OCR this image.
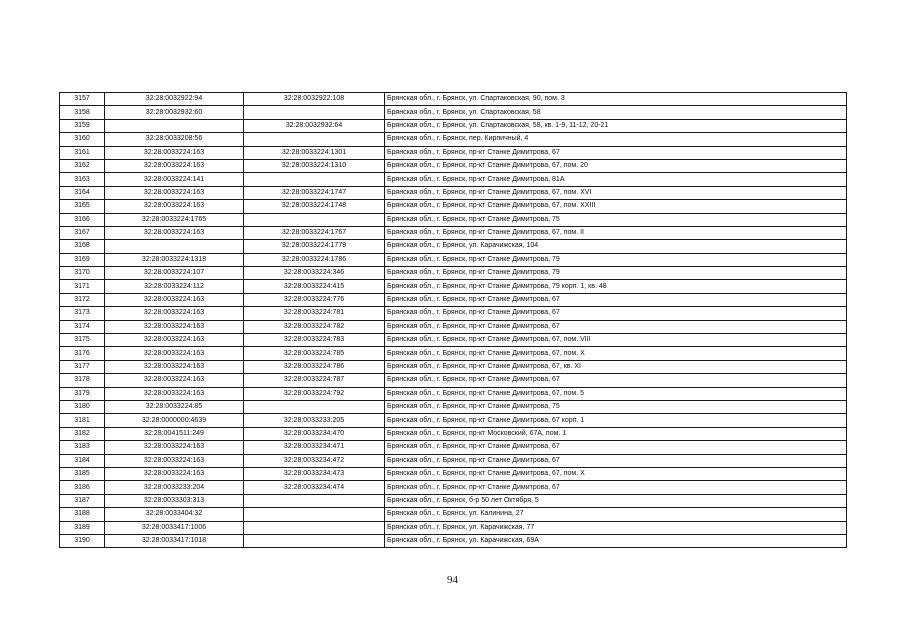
3157	32:28:0032922:94	32:28:0032922:108	Брянская обл., г. Брянск, ул. Спартаковская, 90, пом. 3
3158	32:28:0032932:60		Брянская обл., г. Брянск, ул. Спартаковская, 58
3159		32:28:0032932:64	Брянская обл., г. Брянск, ул. Спартаковская, 58, кв. 1-9, 11-12, 20-21
3160	32:28:0033208:56		Брянская обл., г. Брянск, пер. Кирпичный, 4
3161	32:28:0033224:163	32:28:0033224:1301	Брянская обл., г. Брянск, пр-кт Станке Димитрова, 67
3162	32:28:0033224:163	32:28:0033224:1310	Брянская обл., г. Брянск, пр-кт Станке Димитрова, 67, пом. 20
3163	32:28:0033224:141		Брянская обл., г. Брянск, пр-кт Станке Димитрова, 81А
3164	32:28:0033224:163	32:28:0033224:1747	Брянская обл., г. Брянск, пр-кт Станке Димитрова, 67, пом. XVI
3165	32:28:0033224:163	32:28:0033224:1748	Брянская обл., г. Брянск, пр-кт Станке Димитрова, 67, пом. XXIII
3166	32:28:0033224:1765		Брянская обл., г. Брянск, пр-кт Станке Димитрова, 75
3167	32:28:0033224:163	32:28:0033224:1767	Брянская обл., г. Брянск, пр-кт Станке Димитрова, 67, пом. II
3168		32:28:0033224:1779	Брянская обл., г. Брянск, ул. Карачижская, 104
3169	32:28:0033224:1318	32:28:0033224:1786	Брянская обл., г. Брянск, пр-кт Станке Димитрова, 79
3170	32:28:0033224:107	32:28:0033224:346	Брянская обл., г. Брянск, пр-кт Станке Димитрова, 79
3171	32:28:0033224:112	32:28:0033224:415	Брянская обл., г. Брянск, пр-кт Станке Димитрова, 79 корп. 1, кв. 48
3172	32:28:0033224:163	32:28:0033224:776	Брянская обл., г. Брянск, пр-кт Станке Димитрова, 67
3173	32:28:0033224:163	32:28:0033224:781	Брянская обл., г. Брянск, пр-кт Станке Димитрова, 67
3174	32:28:0033224:163	32:28:0033224:782	Брянская обл., г. Брянск, пр-кт Станке Димитрова, 67
3175	32:28:0033224:163	32:28:0033224:783	Брянская обл., г. Брянск, пр-кт Станке Димитрова, 67, пом. VIII
3176	32:28:0033224:163	32:28:0033224:785	Брянская обл., г. Брянск, пр-кт Станке Димитрова, 67, пом. X
3177	32:28:0033224:163	32:28:0033224:786	Брянская обл., г. Брянск, пр-кт Станке Димитрова, 67, кв. XI
3178	32:28:0033224:163	32:28:0033224:787	Брянская обл., г. Брянск, пр-кт Станке Димитрова, 67
3179	32:28:0033224:163	32:28:0033224:792	Брянская обл., г. Брянск, пр-кт Станке Димитрова, 67, пом. 5
3180	32:28:0033224:85		Брянская обл., г. Брянск, пр-кт Станке Димитрова, 75
3181	32:28:0000000:4639	32:28:0033233:205	Брянская обл., г. Брянск, пр-кт Станке Димитрова, 67 корп. 1
3182	32:28:0041511:249	32:28:0033234:470	Брянская обл., г. Брянск, пр-кт Московский, 67А, пом. 1
3183	32:28:0033224:163	32:28:0033234:471	Брянская обл., г. Брянск, пр-кт Станке Димитрова, 67
3184	32:28:0033224:163	32:28:0033234:472	Брянская обл., г. Брянск, пр-кт Станке Димитрова, 67
3185	32:28:0033224:163	32:28:0033234:473	Брянская обл., г. Брянск, пр-кт Станке Димитрова, 67, пом. X
3186	32:28:0033233:204	32:28:0033234:474	Брянская обл., г. Брянск, пр-кт Станке Димитрова, 67
3187	32:28:0033303:313		Брянская обл., г. Брянск, б-р 50 лет Октября, 5
3188	32:28:0033404:32		Брянская обл., г. Брянск, ул. Калинина, 27
3189	32:28:0033417:1006		Брянская обл., г. Брянск, ул. Карачижская, 77
3190	32:28:0033417:1018		Брянская обл., г. Брянск, ул. Карачижская, 69А
94
